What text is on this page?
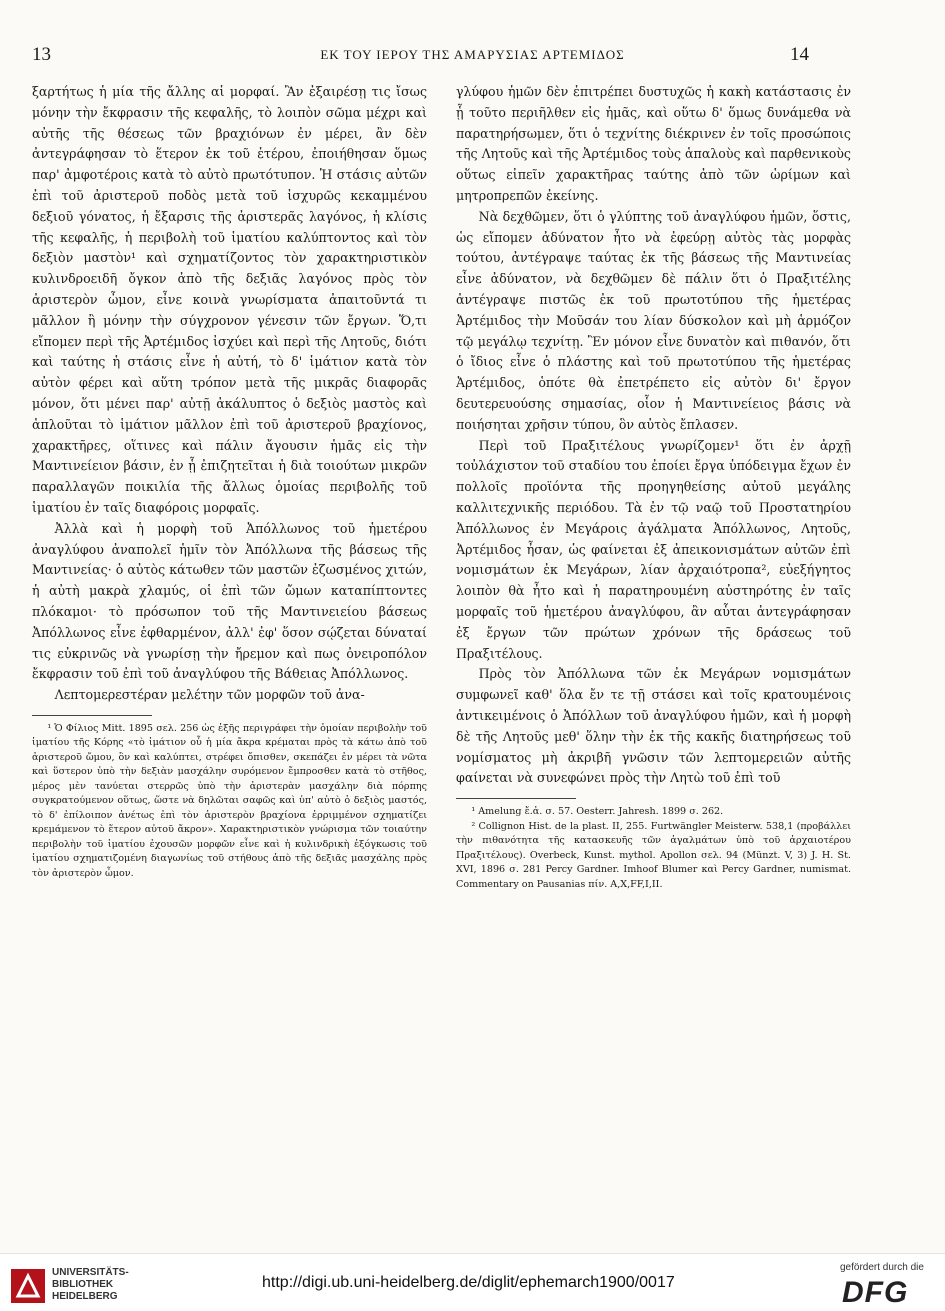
13	ΕΚ ΤΟΥ ΙΕΡΟΥ ΤΗΣ ΑΜΑΡΥΣΙΑΣ ΑΡΤΕΜΙΔΟΣ	14

ξαρτήτως ἡ μία τῆς ἄλλης αἱ μορφαί. Ἂν ἐξαιρέσῃ τις ἴσως μόνην τὴν ἔκφρασιν τῆς κεφαλῆς, τὸ λοιπὸν σῶμα μέχρι καὶ αὐτῆς τῆς θέσεως τῶν βραχιόνων ἐν μέρει, ἂν δὲν ἀντεγράφησαν τὸ ἕτερον ἐκ τοῦ ἑτέρου, ἐποιήθησαν ὅμως παρ' ἀμφοτέροις κατὰ τὸ αὐτὸ πρωτότυπον. Ἡ στάσις αὐτῶν ἐπὶ τοῦ ἀριστεροῦ ποδὸς μετὰ τοῦ ἰσχυρῶς κεκαμμένου δεξιοῦ γόνατος, ἡ ἔξαρσις τῆς ἀριστερᾶς λαγόνος, ἡ κλίσις τῆς κεφαλῆς, ἡ περιβολὴ τοῦ ἱματίου καλύπτοντος καὶ τὸν δεξιὸν μαστὸν¹ καὶ σχηματίζοντος τὸν χαρακτηριστικὸν κυλινδροειδῆ ὄγκον ἀπὸ τῆς δεξιᾶς λαγόνος πρὸς τὸν ἀριστερὸν ὦμον, εἶνε κοινὰ γνωρίσματα ἀπαιτοῦντά τι μᾶλλον ἢ μόνην τὴν σύγχρονον γένεσιν τῶν ἔργων. Ὅ,τι εἴπομεν περὶ τῆς Ἀρτέμιδος ἰσχύει καὶ περὶ τῆς Λητοῦς, διότι καὶ ταύτης ἡ στάσις εἶνε ἡ αὐτή, τὸ δ' ἱμάτιον κατὰ τὸν αὐτὸν φέρει καὶ αὕτη τρόπον μετὰ τῆς μικρᾶς διαφορᾶς μόνον, ὅτι μένει παρ' αὐτῇ ἀκάλυπτος ὁ δεξιὸς μαστὸς καὶ ἁπλοῦται τὸ ἱμάτιον μᾶλλον ἐπὶ τοῦ ἀριστεροῦ βραχίονος, χαρακτῆρες, οἵτινες καὶ πάλιν ἄγουσιν ἡμᾶς εἰς τὴν Μαντινείειον βάσιν, ἐν ᾗ ἐπιζητεῖται ἡ διὰ τοιούτων μικρῶν παραλλαγῶν ποικιλία τῆς ἄλλως ὁμοίας περιβολῆς τοῦ ἱματίου ἐν ταῖς διαφόροις μορφαῖς.

Ἀλλὰ καὶ ἡ μορφὴ τοῦ Ἀπόλλωνος τοῦ ἡμετέρου ἀναγλύφου ἀναπολεῖ ἡμῖν τὸν Ἀπόλλωνα τῆς βάσεως τῆς Μαντινείας· ὁ αὐτὸς κάτωθεν τῶν μαστῶν ἐζωσμένος χιτών, ἡ αὐτὴ μακρὰ χλαμύς, οἱ ἐπὶ τῶν ὤμων καταπίπτοντες πλόκαμοι· τὸ πρόσωπον τοῦ τῆς Μαντινειείου βάσεως Ἀπόλλωνος εἶνε ἐφθαρμένον, ἀλλ' ἐφ' ὅσον σῴζεται δύναταί τις εὐκρινῶς νὰ γνωρίσῃ τὴν ἤρεμον καὶ πως ὀνειροπόλον ἔκφρασιν τοῦ ἐπὶ τοῦ ἀναγλύφου τῆς Βάθειας Ἀπόλλωνος.

Λεπτομερεστέραν μελέτην τῶν μορφῶν τοῦ ἀνα-

¹ Ὁ Φίλιος Mitt. 1895 σελ. 256 ὡς ἑξῆς περιγράφει τὴν ὁμοίαν περιβολὴν τοῦ ἱματίου τῆς Κόρης «τὸ ἱμάτιον οὗ ἡ μία ἄκρα κρέμαται πρὸς τὰ κάτω ἀπὸ τοῦ ἀριστεροῦ ὤμου, ὃν καὶ καλύπτει, στρέφει ὄπισθεν, σκεπάζει ἐν μέρει τὰ νῶτα καὶ ὕστερον ὑπὸ τὴν δεξιὰν μασχάλην συρόμενον ἔμπροσθεν κατὰ τὸ στῆθος, μέρος μὲν τανύεται στερρῶς ὑπὸ τὴν ἀριστερὰν μασχάλην διὰ πόρπης συγκρατούμενον οὕτως, ὥστε νὰ δηλῶται σαφῶς καὶ ὑπ' αὐτὸ ὁ δεξιὸς μαστός, τὸ δ' ἐπίλοιπον ἀνέτως ἐπὶ τὸν ἀριστερὸν βραχίονα ἐρριμμένον σχηματίζει κρεμάμενον τὸ ἕτερον αὐτοῦ ἄκρον». Χαρακτηριστικὸν γνώρισμα τῶν τοιαύτην περιβολὴν τοῦ ἱματίου ἐχουσῶν μορφῶν εἶνε καὶ ἡ κυλινδρικὴ ἐξόγκωσις τοῦ ἱματίου σχηματιζομένη διαγωνίως τοῦ στήθους ἀπὸ τῆς δεξιᾶς μασχάλης πρὸς τὸν ἀριστερὸν ὦμον.

γλύφου ἡμῶν δὲν ἐπιτρέπει δυστυχῶς ἡ κακὴ κατάστασις ἐν ᾗ τοῦτο περιῆλθεν εἰς ἡμᾶς, καὶ οὕτω δ' ὅμως δυνάμεθα νὰ παρατηρήσωμεν, ὅτι ὁ τεχνίτης διέκρινεν ἐν τοῖς προσώποις τῆς Λητοῦς καὶ τῆς Ἀρτέμιδος τοὺς ἁπαλοὺς καὶ παρθενικοὺς οὕτως εἰπεῖν χαρακτῆρας ταύτης ἀπὸ τῶν ὡρίμων καὶ μητροπρεπῶν ἐκείνης.

Νὰ δεχθῶμεν, ὅτι ὁ γλύπτης τοῦ ἀναγλύφου ἡμῶν, ὅστις, ὡς εἴπομεν ἀδύνατον ἦτο νὰ ἐφεύρῃ αὐτὸς τὰς μορφὰς τούτου, ἀντέγραψε ταύτας ἐκ τῆς βάσεως τῆς Μαντινείας εἶνε ἀδύνατον, νὰ δεχθῶμεν δὲ πάλιν ὅτι ὁ Πραξιτέλης ἀντέγραψε πιστῶς ἐκ τοῦ πρωτοτύπου τῆς ἡμετέρας Ἀρτέμιδος τὴν Μοῦσάν του λίαν δύσκολον καὶ μὴ ἁρμόζον τῷ μεγάλῳ τεχνίτῃ. Ἓν μόνον εἶνε δυνατὸν καὶ πιθανόν, ὅτι ὁ ἴδιος εἶνε ὁ πλάστης καὶ τοῦ πρωτοτύπου τῆς ἡμετέρας Ἀρτέμιδος, ὁπότε θὰ ἐπετρέπετο εἰς αὐτὸν δι' ἔργον δευτερευούσης σημασίας, οἷον ἡ Μαντινείειος βάσις νὰ ποιήσηται χρῆσιν τύπου, ὃν αὐτὸς ἔπλασεν.

Περὶ τοῦ Πραξιτέλους γνωρίζομεν¹ ὅτι ἐν ἀρχῇ τοὐλάχιστον τοῦ σταδίου του ἐποίει ἔργα ὑπόδειγμα ἔχων ἐν πολλοῖς προϊόντα τῆς προηγηθείσης αὐτοῦ μεγάλης καλλιτεχνικῆς περιόδου. Τὰ ἐν τῷ ναῷ τοῦ Προστατηρίου Ἀπόλλωνος ἐν Μεγάροις ἀγάλματα Ἀπόλλωνος, Λητοῦς, Ἀρτέμιδος ἦσαν, ὡς φαίνεται ἐξ ἀπεικονισμάτων αὐτῶν ἐπὶ νομισμάτων ἐκ Μεγάρων, λίαν ἀρχαιότροπα², εὐεξήγητος λοιπὸν θὰ ἦτο καὶ ἡ παρατηρουμένη αὐστηρότης ἐν ταῖς μορφαῖς τοῦ ἡμετέρου ἀναγλύφου, ἂν αὗται ἀντεγράφησαν ἐξ ἔργων τῶν πρώτων χρόνων τῆς δράσεως τοῦ Πραξιτέλους.

Πρὸς τὸν Ἀπόλλωνα τῶν ἐκ Μεγάρων νομισμάτων συμφωνεῖ καθ' ὅλα ἔν τε τῇ στάσει καὶ τοῖς κρατουμένοις ἀντικειμένοις ὁ Ἀπόλλων τοῦ ἀναγλύφου ἡμῶν, καὶ ἡ μορφὴ δὲ τῆς Λητοῦς μεθ' ὅλην τὴν ἐκ τῆς κακῆς διατηρήσεως τοῦ νομίσματος μὴ ἀκριβῆ γνῶσιν τῶν λεπτομερειῶν αὐτῆς φαίνεται νὰ συνεφώνει πρὸς τὴν Λητὼ τοῦ ἐπὶ τοῦ

¹ Amelung ἔ.ἀ. σ. 57. Oesterr. Jahresh. 1899 σ. 262.

² Collignon Hist. de la plast. II, 255. Furtwängler Meisterw. 538,1 (προβάλλει τὴν πιθανότητα τῆς κατασκευῆς τῶν ἀγαλμάτων ὑπὸ τοῦ ἀρχαιοτέρου Πραξιτέλους). Overbeck, Kunst. mythol. Apollon σελ. 94 (Münzt. V, 3) J. H. St. XVI, 1896 σ. 281 Percy Gardner. Imhoof Blumer καὶ Percy Gardner, numismat. Commentary on Pausanias πίν. A,X,FF,I,II.

UNIVERSITÄTS-
BIBLIOTHEK
HEIDELBERG
http://digi.ub.uni-heidelberg.de/diglit/ephemarch1900/0017
gefördert durch die
DFG
